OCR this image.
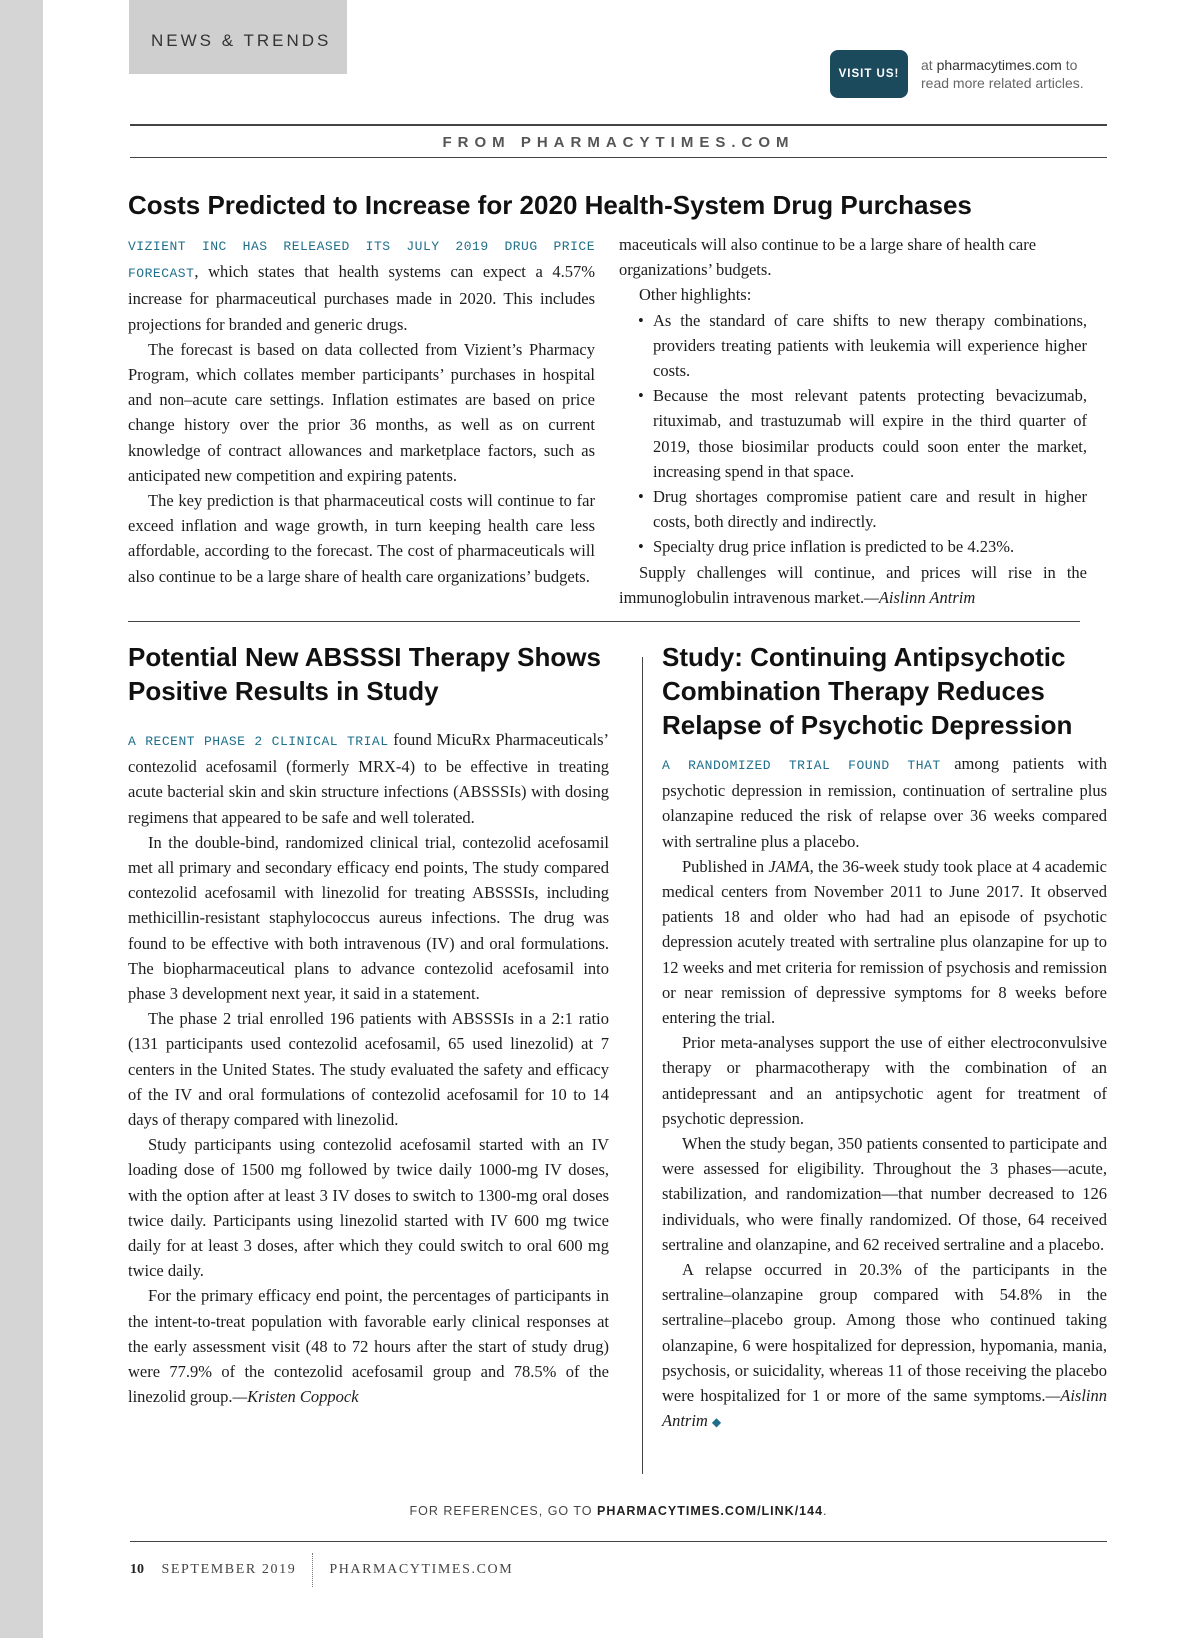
NEWS & TRENDS
VISIT US!
at pharmacytimes.com to
read more related articles.
FROM PHARMACYTIMES.COM
Costs Predicted to Increase for 2020 Health-System Drug Purchases

VIZIENT INC HAS RELEASED ITS JULY 2019 DRUG PRICE FORECAST, which states that health systems can expect a 4.57% increase for pharmaceutical purchases made in 2020. This includes projections for branded and generic drugs.

The forecast is based on data collected from Vizient’s Pharmacy Program, which collates member participants’ purchases in hospital and non–acute care settings. Inflation estimates are based on price change history over the prior 36 months, as well as on current knowledge of contract allowances and marketplace factors, such as anticipated new competition and expiring patents.

The key prediction is that pharmaceutical costs will continue to far exceed inflation and wage growth, in turn keeping health care less affordable, according to the forecast. The cost of pharmaceuticals will also continue to be a large share of health care organizations’ budgets.

maceuticals will also continue to be a large share of health care organizations’ budgets.

Other highlights:

• As the standard of care shifts to new therapy combinations, providers treating patients with leukemia will experience higher costs.
• Because the most relevant patents protecting bevacizumab, rituximab, and trastuzumab will expire in the third quarter of 2019, those biosimilar products could soon enter the market, increasing spend in that space.
• Drug shortages compromise patient care and result in higher costs, both directly and indirectly.
• Specialty drug price inflation is predicted to be 4.23%.

Supply challenges will continue, and prices will rise in the immunoglobulin intravenous market.—Aislinn Antrim

Potential New ABSSSI Therapy Shows Positive Results in Study

A RECENT PHASE 2 CLINICAL TRIAL found MicuRx Pharmaceuticals’ contezolid acefosamil (formerly MRX-4) to be effective in treating acute bacterial skin and skin structure infections (ABSSSIs) with dosing regimens that appeared to be safe and well tolerated.

In the double-bind, randomized clinical trial, contezolid acefosamil met all primary and secondary efficacy end points, The study compared contezolid acefosamil with linezolid for treating ABSSSIs, including methicillin-resistant staphylococcus aureus infections. The drug was found to be effective with both intravenous (IV) and oral formulations. The biopharmaceutical plans to advance contezolid acefosamil into phase 3 development next year, it said in a statement.

The phase 2 trial enrolled 196 patients with ABSSSIs in a 2:1 ratio (131 participants used contezolid acefosamil, 65 used linezolid) at 7 centers in the United States. The study evaluated the safety and efficacy of the IV and oral formulations of contezolid acefosamil for 10 to 14 days of therapy compared with linezolid.

Study participants using contezolid acefosamil started with an IV loading dose of 1500 mg followed by twice daily 1000-mg IV doses, with the option after at least 3 IV doses to switch to 1300-mg oral doses twice daily. Participants using linezolid started with IV 600 mg twice daily for at least 3 doses, after which they could switch to oral 600 mg twice daily.

For the primary efficacy end point, the percentages of participants in the intent-to-treat population with favorable early clinical responses at the early assessment visit (48 to 72 hours after the start of study drug) were 77.9% of the contezolid acefosamil group and 78.5% of the linezolid group.—Kristen Coppock

Study: Continuing Antipsychotic Combination Therapy Reduces Relapse of Psychotic Depression

A RANDOMIZED TRIAL FOUND THAT among patients with psychotic depression in remission, continuation of sertraline plus olanzapine reduced the risk of relapse over 36 weeks compared with sertraline plus a placebo.

Published in JAMA, the 36-week study took place at 4 academic medical centers from November 2011 to June 2017. It observed patients 18 and older who had had an episode of psychotic depression acutely treated with sertraline plus olanzapine for up to 12 weeks and met criteria for remission of psychosis and remission or near remission of depressive symptoms for 8 weeks before entering the trial.

Prior meta-analyses support the use of either electroconvulsive therapy or pharmacotherapy with the combination of an antidepressant and an antipsychotic agent for treatment of psychotic depression.

When the study began, 350 patients consented to participate and were assessed for eligibility. Throughout the 3 phases—acute, stabilization, and randomization—that number decreased to 126 individuals, who were finally randomized. Of those, 64 received sertraline and olanzapine, and 62 received sertraline and a placebo.

A relapse occurred in 20.3% of the participants in the sertraline–olanzapine group compared with 54.8% in the sertraline–placebo group. Among those who continued taking olanzapine, 6 were hospitalized for depression, hypomania, mania, psychosis, or suicidality, whereas 11 of those receiving the placebo were hospitalized for 1 or more of the same symptoms.—Aislinn Antrim ◆

FOR REFERENCES, GO TO PHARMACYTIMES.COM/LINK/144.
10 SEPTEMBER 2019 PHARMACYTIMES.COM
